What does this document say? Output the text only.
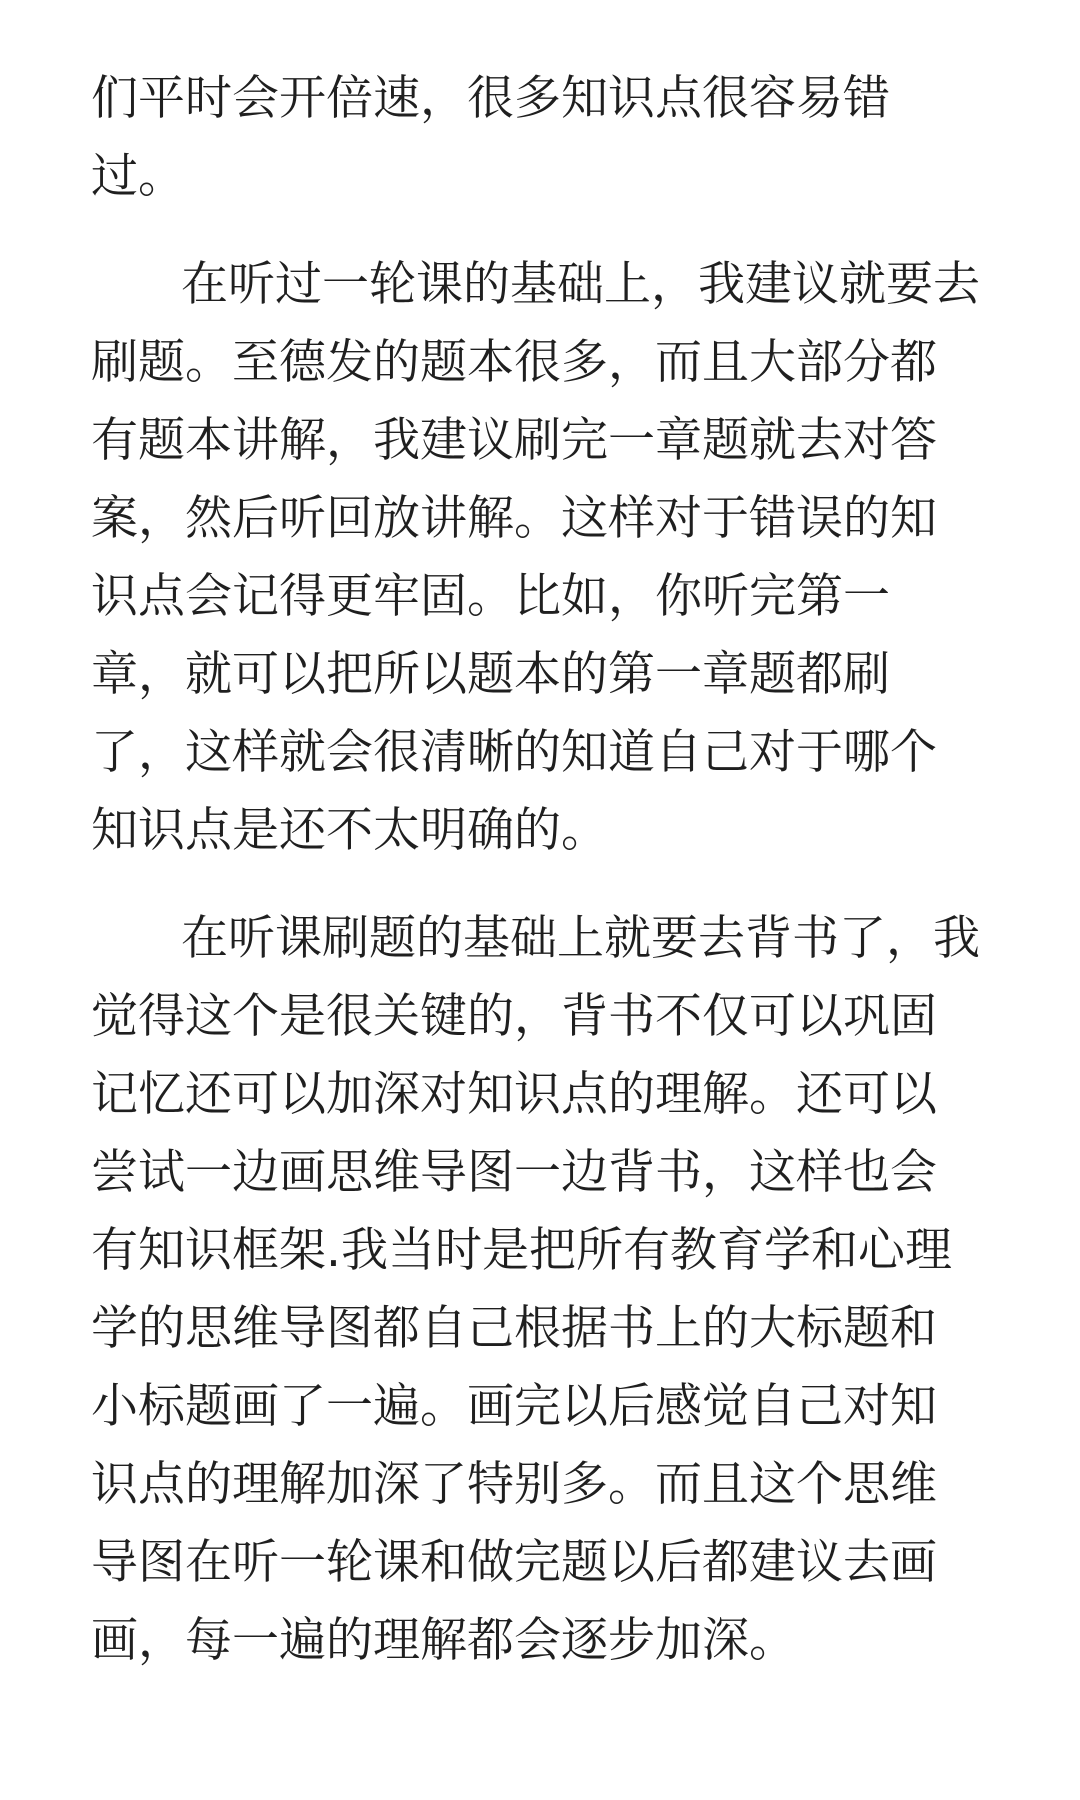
们平时会开倍速，很多知识点很容易错
过。
在听过一轮课的基础上，我建议就要去
刷题。至德发的题本很多，而且大部分都
有题本讲解，我建议刷完一章题就去对答
案，然后听回放讲解。这样对于错误的知
识点会记得更牢固。比如，你听完第一
章，就可以把所以题本的第一章题都刷
了，这样就会很清晰的知道自己对于哪个
知识点是还不太明确的。
在听课刷题的基础上就要去背书了，我
觉得这个是很关键的，背书不仅可以巩固
记忆还可以加深对知识点的理解。还可以
尝试一边画思维导图一边背书，这样也会
有知识框架.我当时是把所有教育学和心理
学的思维导图都自己根据书上的大标题和
小标题画了一遍。画完以后感觉自己对知
识点的理解加深了特别多。而且这个思维
导图在听一轮课和做完题以后都建议去画
画，每一遍的理解都会逐步加深。
